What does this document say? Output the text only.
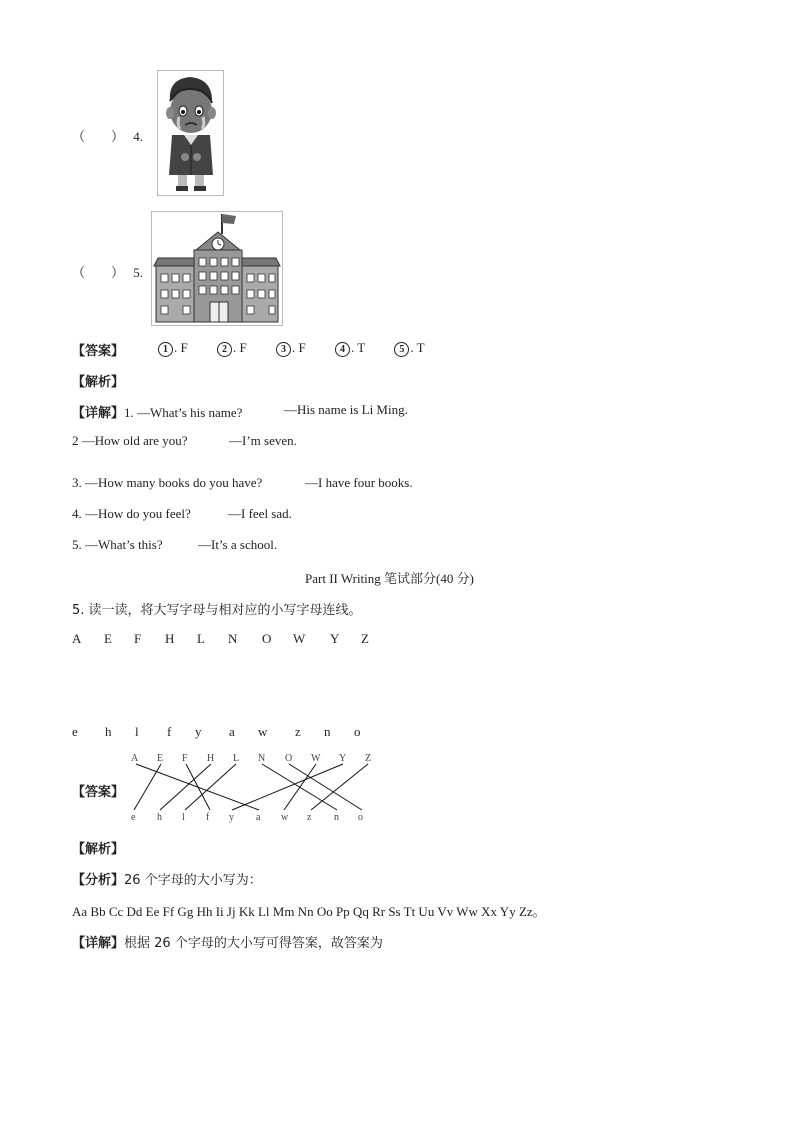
（　　） 4.
（　　） 5.
【答案】	1 . F	2 . F	3 . F	4 . T	5 . T
【解析】
【详解】1. —What’s his name?	—His name is Li Ming.
2 —How old are you?	—I’m seven.
3. —How many books do you have?	—I have four books.
4. —How do you feel?	—I feel sad.
5. —What’s this?	—It’s a school.
Part II Writing 笔试部分(40 分)
5. 读一读，将大写字母与相对应的小写字母连线。
A E F H L N O W Y Z
e h l f y a w z n o
【答案】
A E F H L N O W Y Z
e h l f y a w z n o
【解析】
【分析】26 个字母的大小写为：
Aa Bb Cc Dd Ee Ff Gg Hh Ii Jj Kk Ll Mm Nn Oo Pp Qq Rr Ss Tt Uu Vv Ww Xx Yy Zz。
【详解】根据 26 个字母的大小写可得答案，故答案为
